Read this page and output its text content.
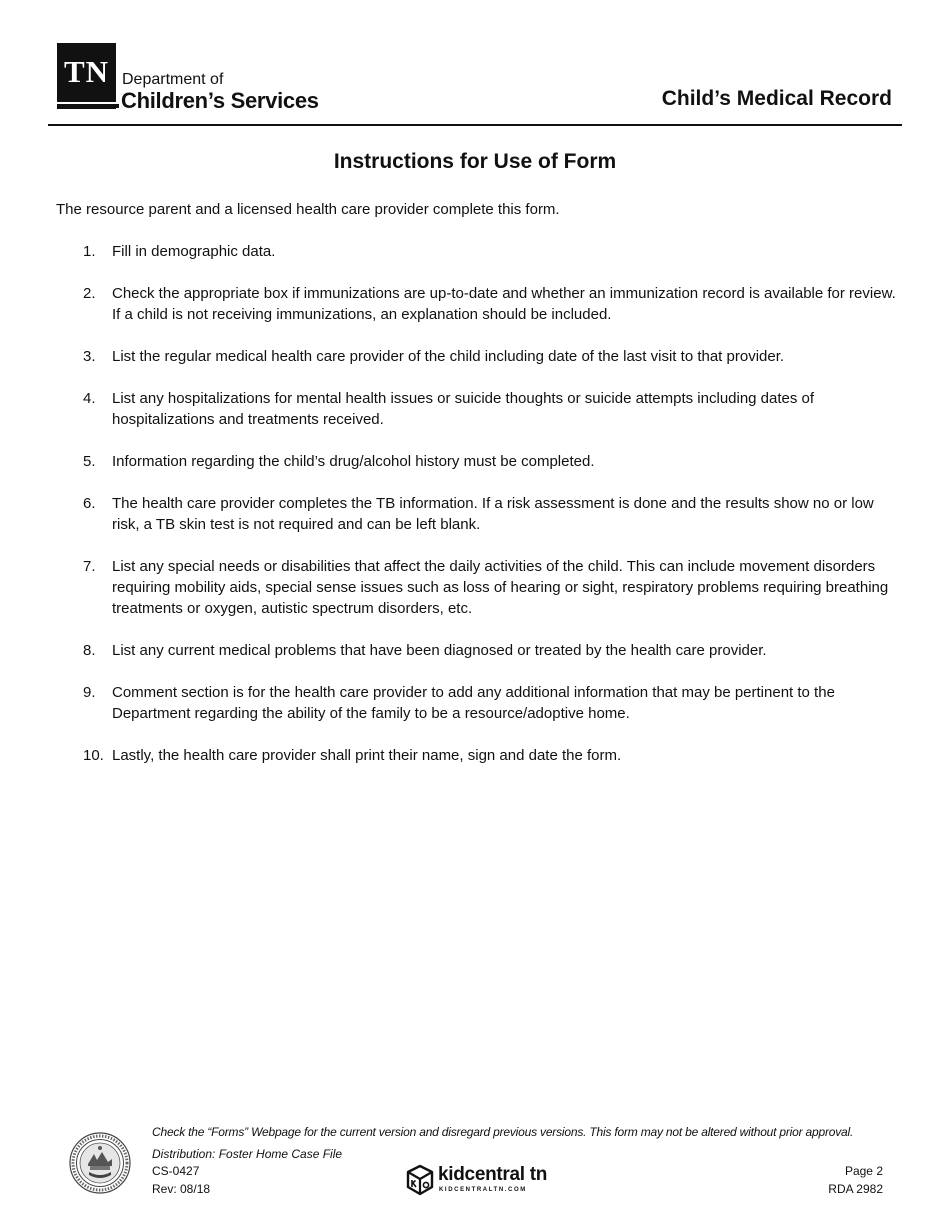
TN Department of
Children’s Services	Child’s Medical Record
Instructions for Use of Form

The resource parent and a licensed health care provider complete this form.

1.	Fill in demographic data.
2.	Check the appropriate box if immunizations are up-to-date and whether an immunization record is available for review. If a child is not receiving immunizations, an explanation should be included.
3.	List the regular medical health care provider of the child including date of the last visit to that provider.
4.	List any hospitalizations for mental health issues or suicide thoughts or suicide attempts including dates of hospitalizations and treatments received.
5.	Information regarding the child’s drug/alcohol history must be completed.
6.	The health care provider completes the TB information. If a risk assessment is done and the results show no or low risk, a TB skin test is not required and can be left blank.
7.	List any special needs or disabilities that affect the daily activities of the child. This can include movement disorders requiring mobility aids, special sense issues such as loss of hearing or sight, respiratory problems requiring breathing treatments or oxygen, autistic spectrum disorders, etc.
8.	List any current medical problems that have been diagnosed or treated by the health care provider.
9.	Comment section is for the health care provider to add any additional information that may be pertinent to the Department regarding the ability of the family to be a resource/adoptive home.
10. Lastly, the health care provider shall print their name, sign and date the form.
Check the “Forms” Webpage for the current version and disregard previous versions. This form may not be altered without prior approval.
Distribution: Foster Home Case File
CS-0427
Rev: 08/18
kidcentral tn
KIDCENTRALTN.COM
Page 2
RDA 2982
